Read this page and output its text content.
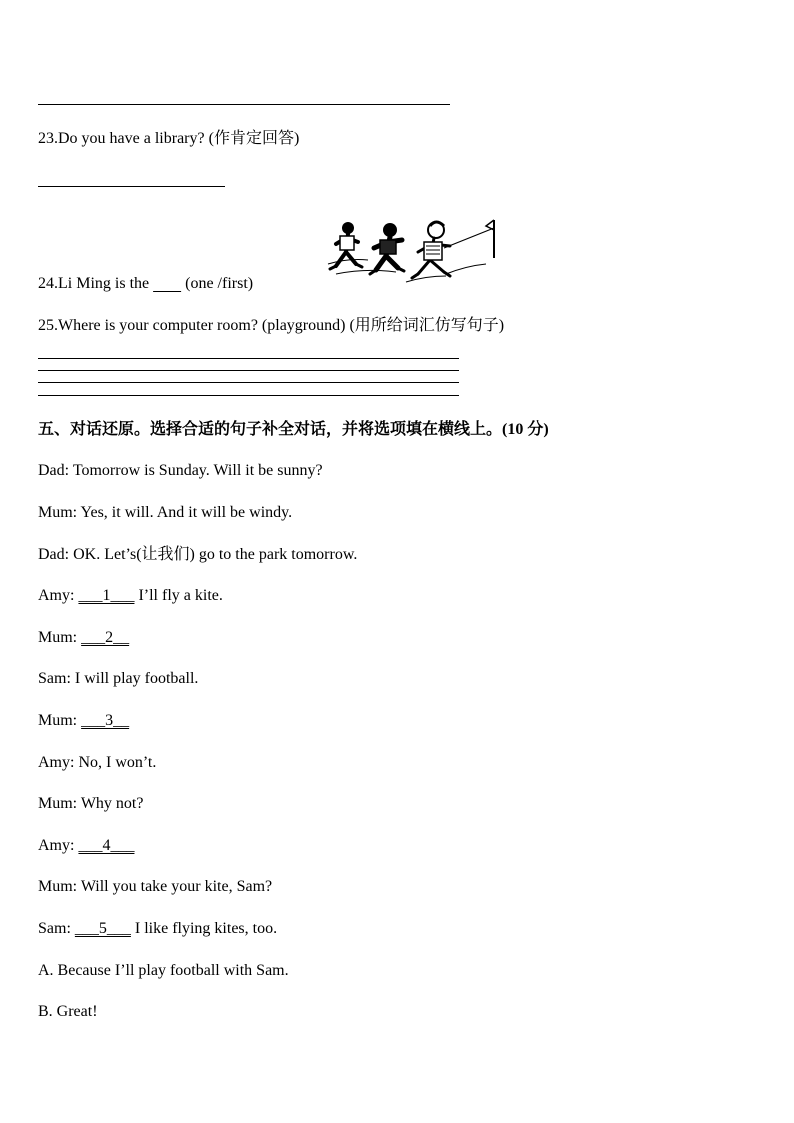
23.Do you have a library? (作肯定回答)
24.Li Ming is the         (one /first)
25.Where is your computer room? (playground) (用所给词汇仿写句子)
五、对话还原。选择合适的句子补全对话，并将选项填在横线上。(10 分)
Dad: Tomorrow is Sunday. Will it be sunny?
Mum: Yes, it will. And it will be windy.
Dad: OK. Let’s(让我们) go to the park tomorrow.
Amy: ___1___ I’ll fly a kite.
Mum: ___2__
Sam: I will play football.
Mum: ___3__
Amy: No, I won’t.
Mum: Why not?
Amy: ___4___
Mum: Will you take your kite, Sam?
Sam: ___5___ I like flying kites, too.
A. Because I’ll play football with Sam.
B. Great!
